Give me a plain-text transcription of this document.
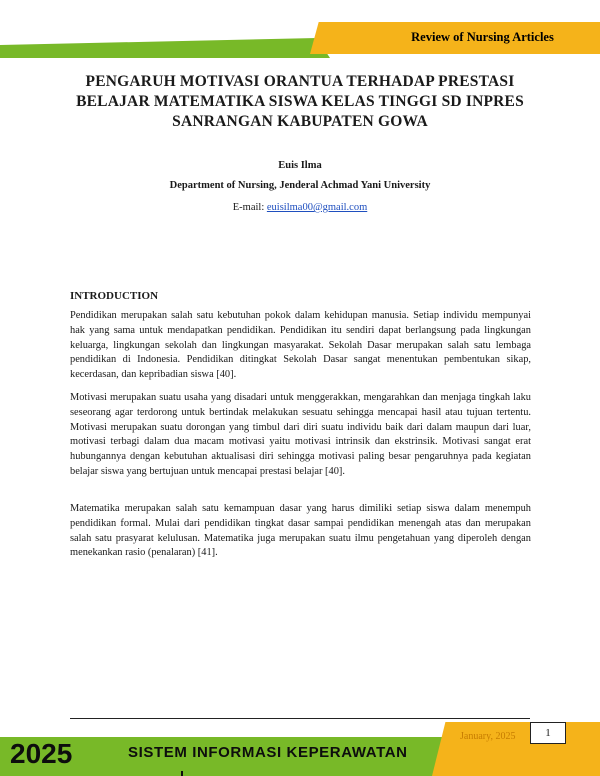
Review of Nursing Articles
PENGARUH MOTIVASI ORANTUA TERHADAP PRESTASI BELAJAR MATEMATIKA SISWA KELAS TINGGI SD INPRES SANRANGAN KABUPATEN GOWA
Euis Ilma
Department of Nursing, Jenderal Achmad Yani University
E-mail: euisilma00@gmail.com
INTRODUCTION

Pendidikan merupakan salah satu kebutuhan pokok dalam kehidupan manusia. Setiap individu mempunyai hak yang sama untuk mendapatkan pendidikan. Pendidikan itu sendiri dapat berlangsung pada lingkungan keluarga, lingkungan sekolah dan lingkungan masyarakat. Sekolah Dasar merupakan salah satu lembaga pendidikan di Indonesia. Pendidikan ditingkat Sekolah Dasar sangat menentukan pembentukan sikap, kecerdasan, dan kepribadian siswa [40].

Motivasi merupakan suatu usaha yang disadari untuk menggerakkan, mengarahkan dan menjaga tingkah laku seseorang agar terdorong untuk bertindak melakukan sesuatu sehingga mencapai hasil atau tujuan tertentu. Motivasi merupakan suatu dorongan yang timbul dari diri suatu individu baik dari dalam maupun dari luar, motivasi terbagi dalam dua macam motivasi yaitu motivasi intrinsik dan ekstrinsik. Motivasi sangat erat hubungannya dengan kebutuhan aktualisasi diri sehingga motivasi paling besar pengaruhnya pada kegiatan belajar siswa yang bertujuan untuk mencapai prestasi belajar [40].

Matematika merupakan salah satu kemampuan dasar yang harus dimiliki setiap siswa dalam menempuh pendidikan formal. Mulai dari pendidikan tingkat dasar sampai pendidikan menengah atas dan merupakan salah satu prasyarat kelulusan. Matematika juga merupakan suatu ilmu pengetahuan yang diperoleh dengan menekankan rasio (penalaran) [41].

January, 2025	1
2025	SISTEM INFORMASI KEPERAWATAN
